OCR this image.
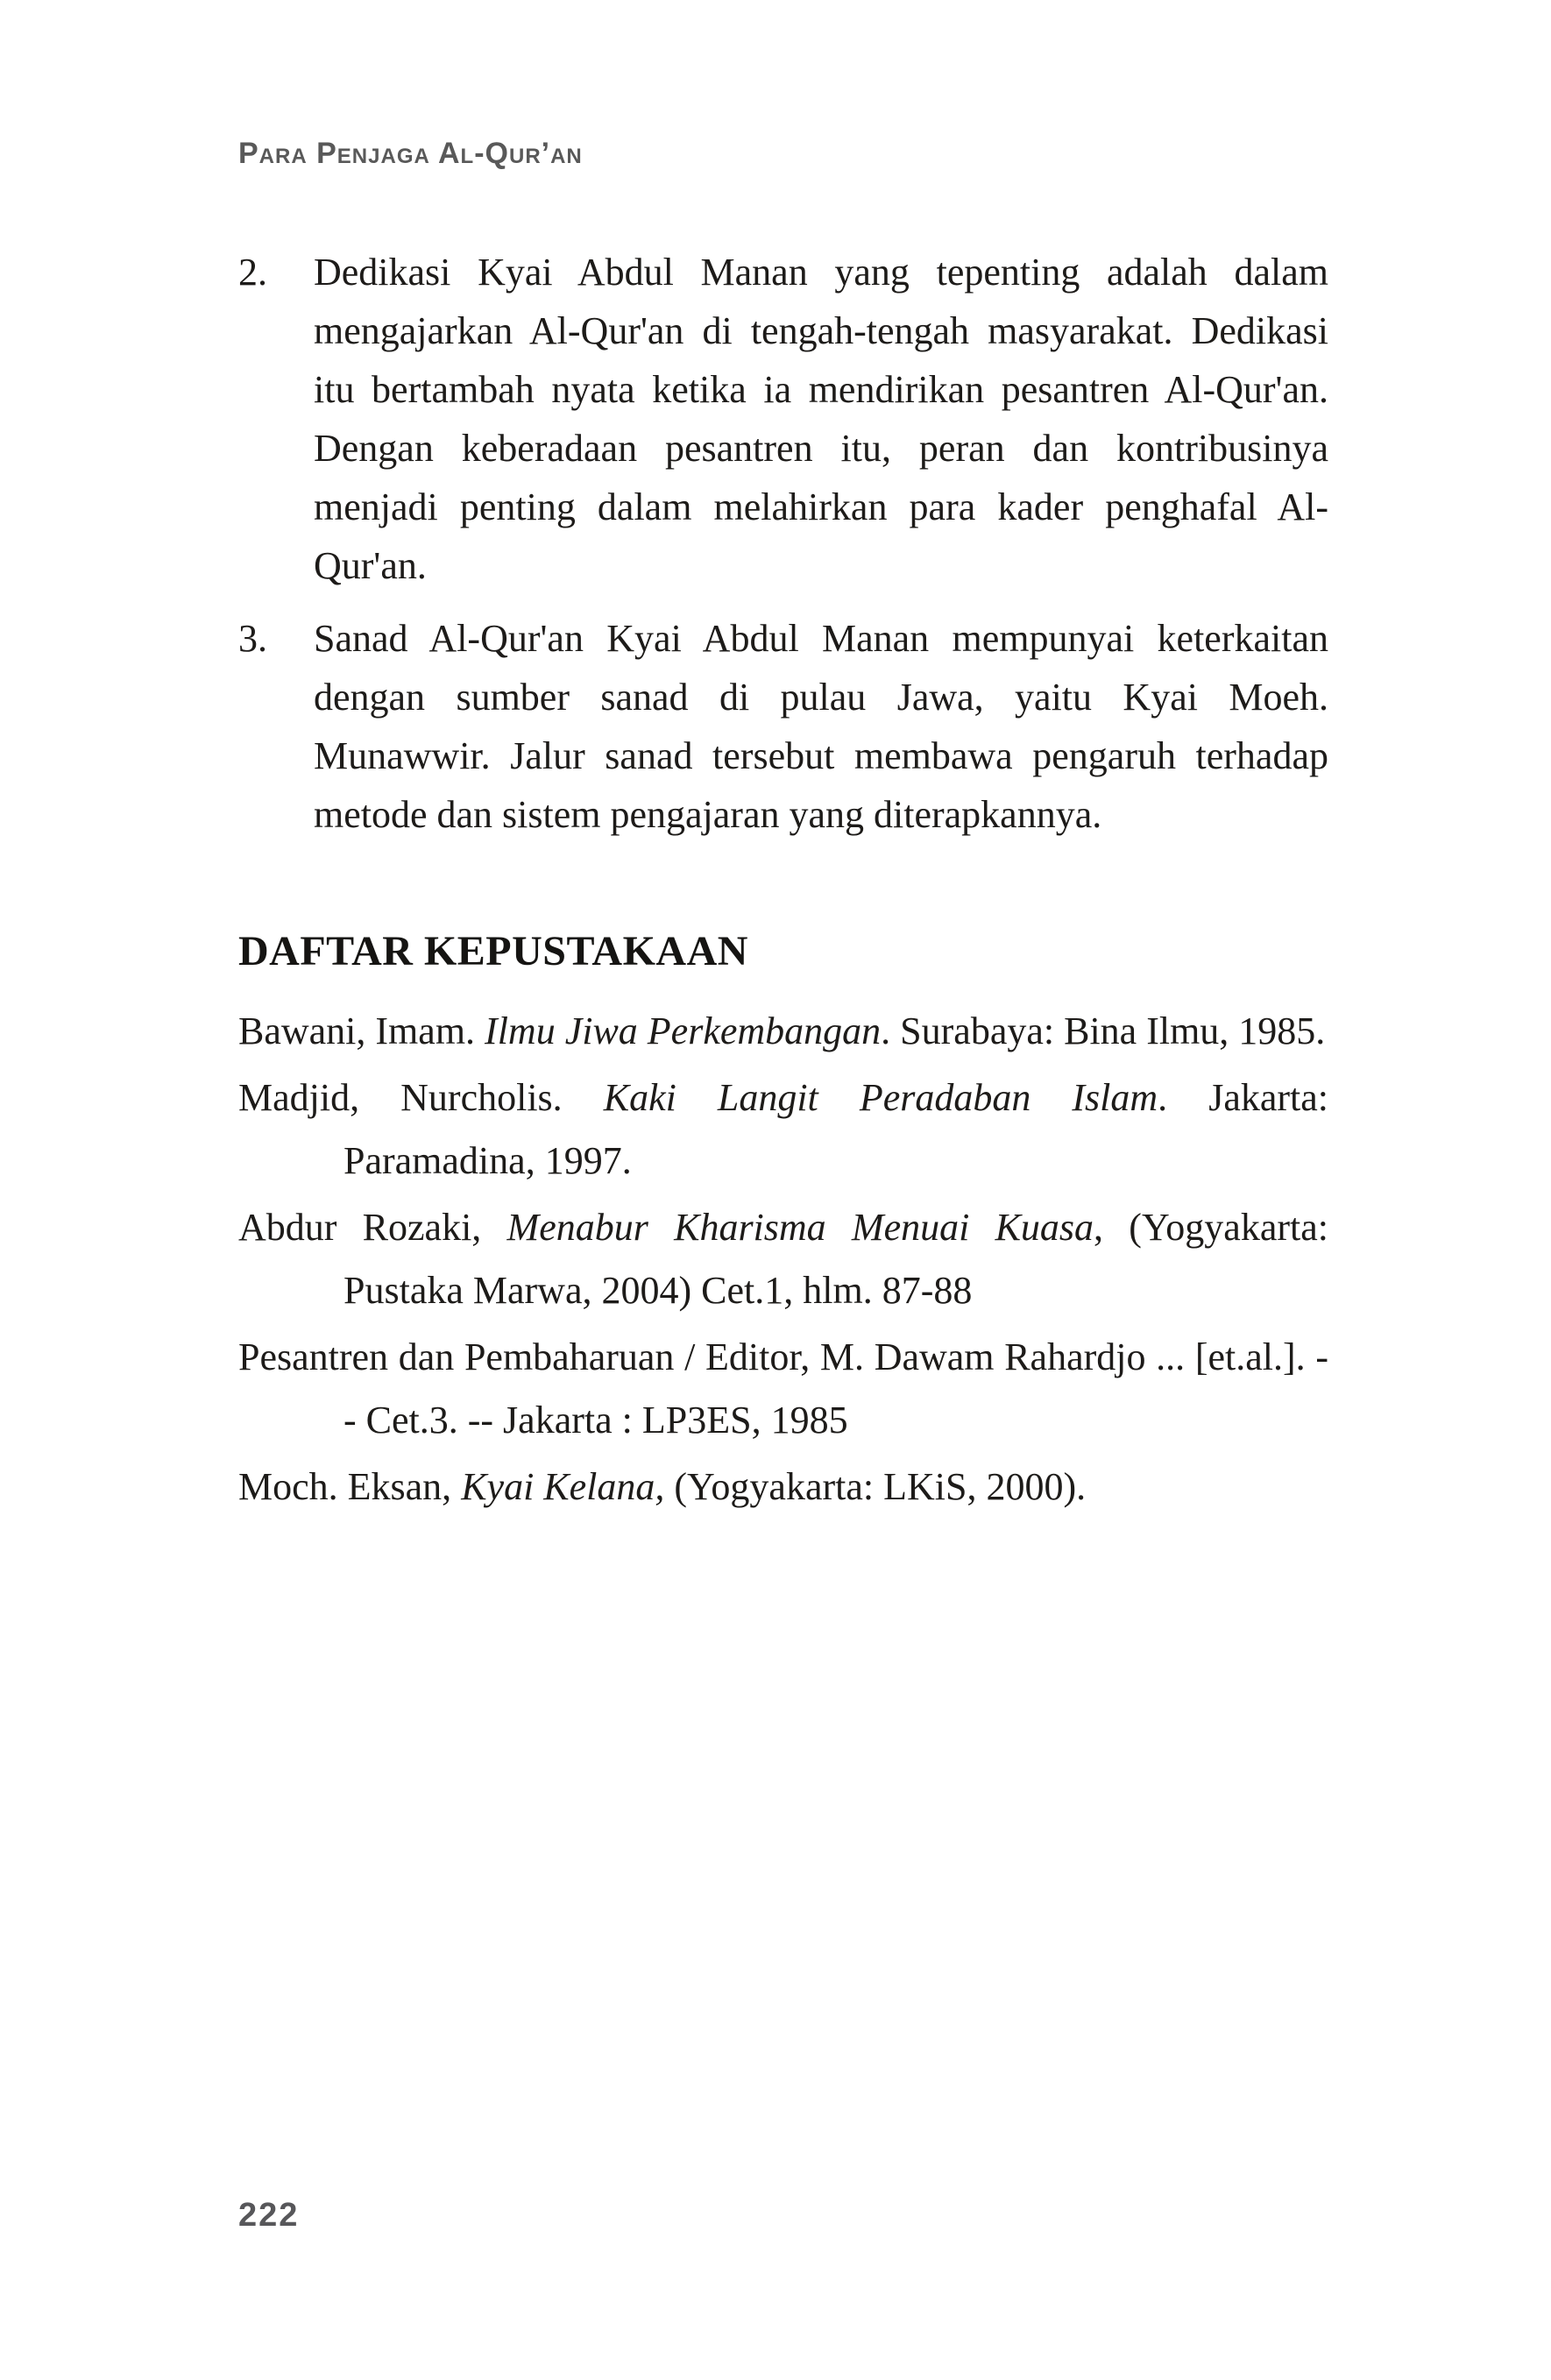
Para Penjaga Al-Qur’an
2.	Dedikasi Kyai Abdul Manan yang tepenting adalah dalam mengajarkan Al-Qur'an di tengah-tengah masyarakat. Dedikasi itu bertambah nyata ketika ia mendirikan pesantren Al-Qur'an. Dengan keberadaan pesantren itu, peran dan kontribusinya menjadi penting dalam melahirkan para kader penghafal Al-Qur'an.
3.	Sanad Al-Qur'an Kyai Abdul Manan mempunyai keterkaitan dengan sumber sanad di pulau Jawa, yaitu Kyai Moeh. Munawwir. Jalur sanad tersebut membawa pengaruh terhadap metode dan sistem pengajaran yang diterapkannya.
DAFTAR KEPUSTAKAAN

Bawani, Imam. Ilmu Jiwa Perkembangan. Surabaya: Bina Ilmu, 1985.

Madjid, Nurcholis. Kaki Langit Peradaban Islam. Jakarta: Paramadina, 1997.

Abdur Rozaki, Menabur Kharisma Menuai Kuasa, (Yogyakarta: Pustaka Marwa, 2004) Cet.1, hlm. 87-88

Pesantren dan Pembaharuan / Editor, M. Dawam Rahardjo ... [et.al.]. -- Cet.3. -- Jakarta : LP3ES, 1985

Moch. Eksan, Kyai Kelana, (Yogyakarta: LKiS, 2000).

222
